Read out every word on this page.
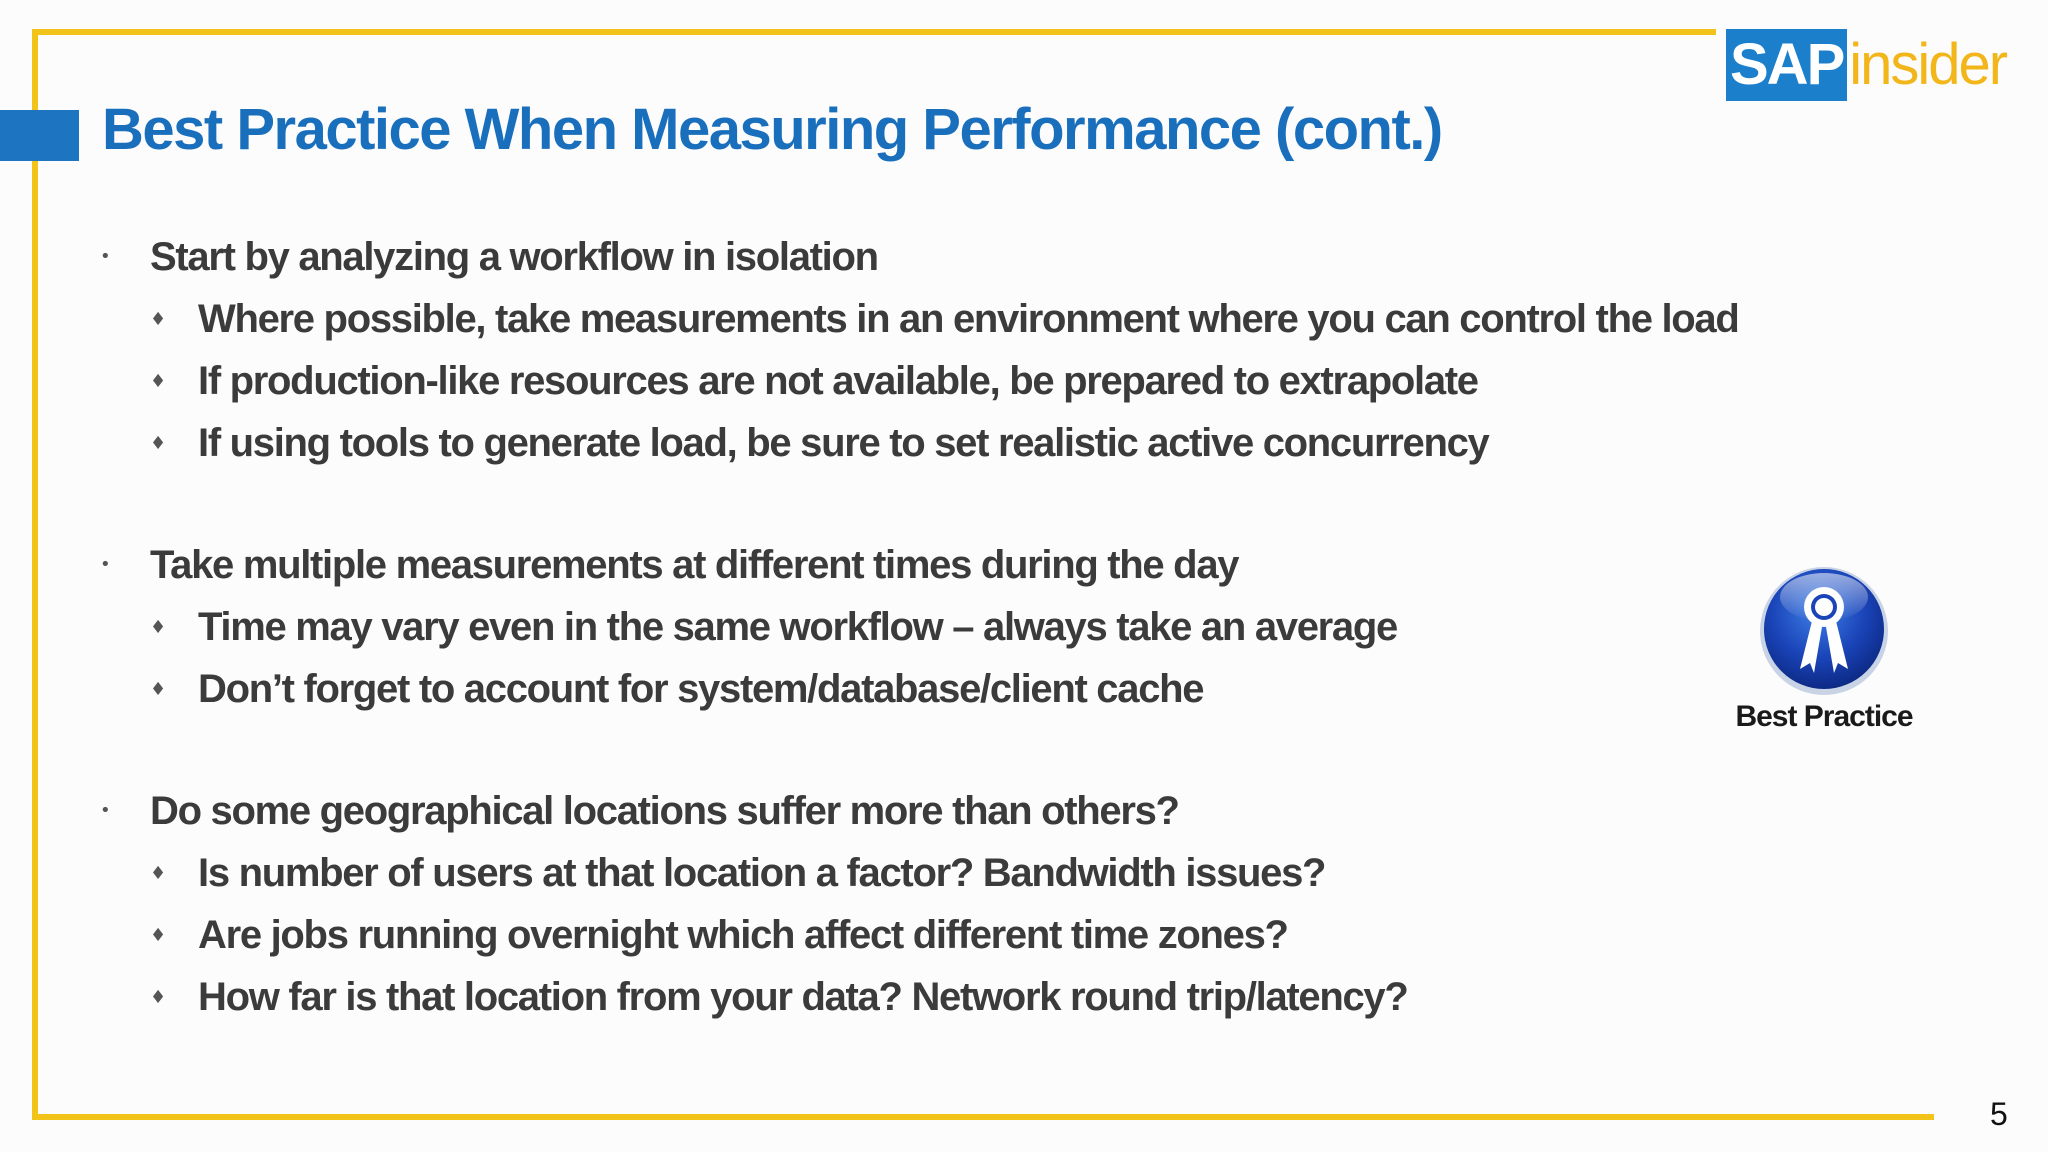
Best Practice When Measuring Performance (cont.)
SAP insider
• Start by analyzing a workflow in isolation
♦ Where possible, take measurements in an environment where you can control the load
♦ If production-like resources are not available, be prepared to extrapolate
♦ If using tools to generate load, be sure to set realistic active concurrency
• Take multiple measurements at different times during the day
♦ Time may vary even in the same workflow – always take an average
♦ Don’t forget to account for system/database/client cache
• Do some geographical locations suffer more than others?
♦ Is number of users at that location a factor? Bandwidth issues?
♦ Are jobs running overnight which affect different time zones?
♦ How far is that location from your data? Network round trip/latency?
Best Practice
5
